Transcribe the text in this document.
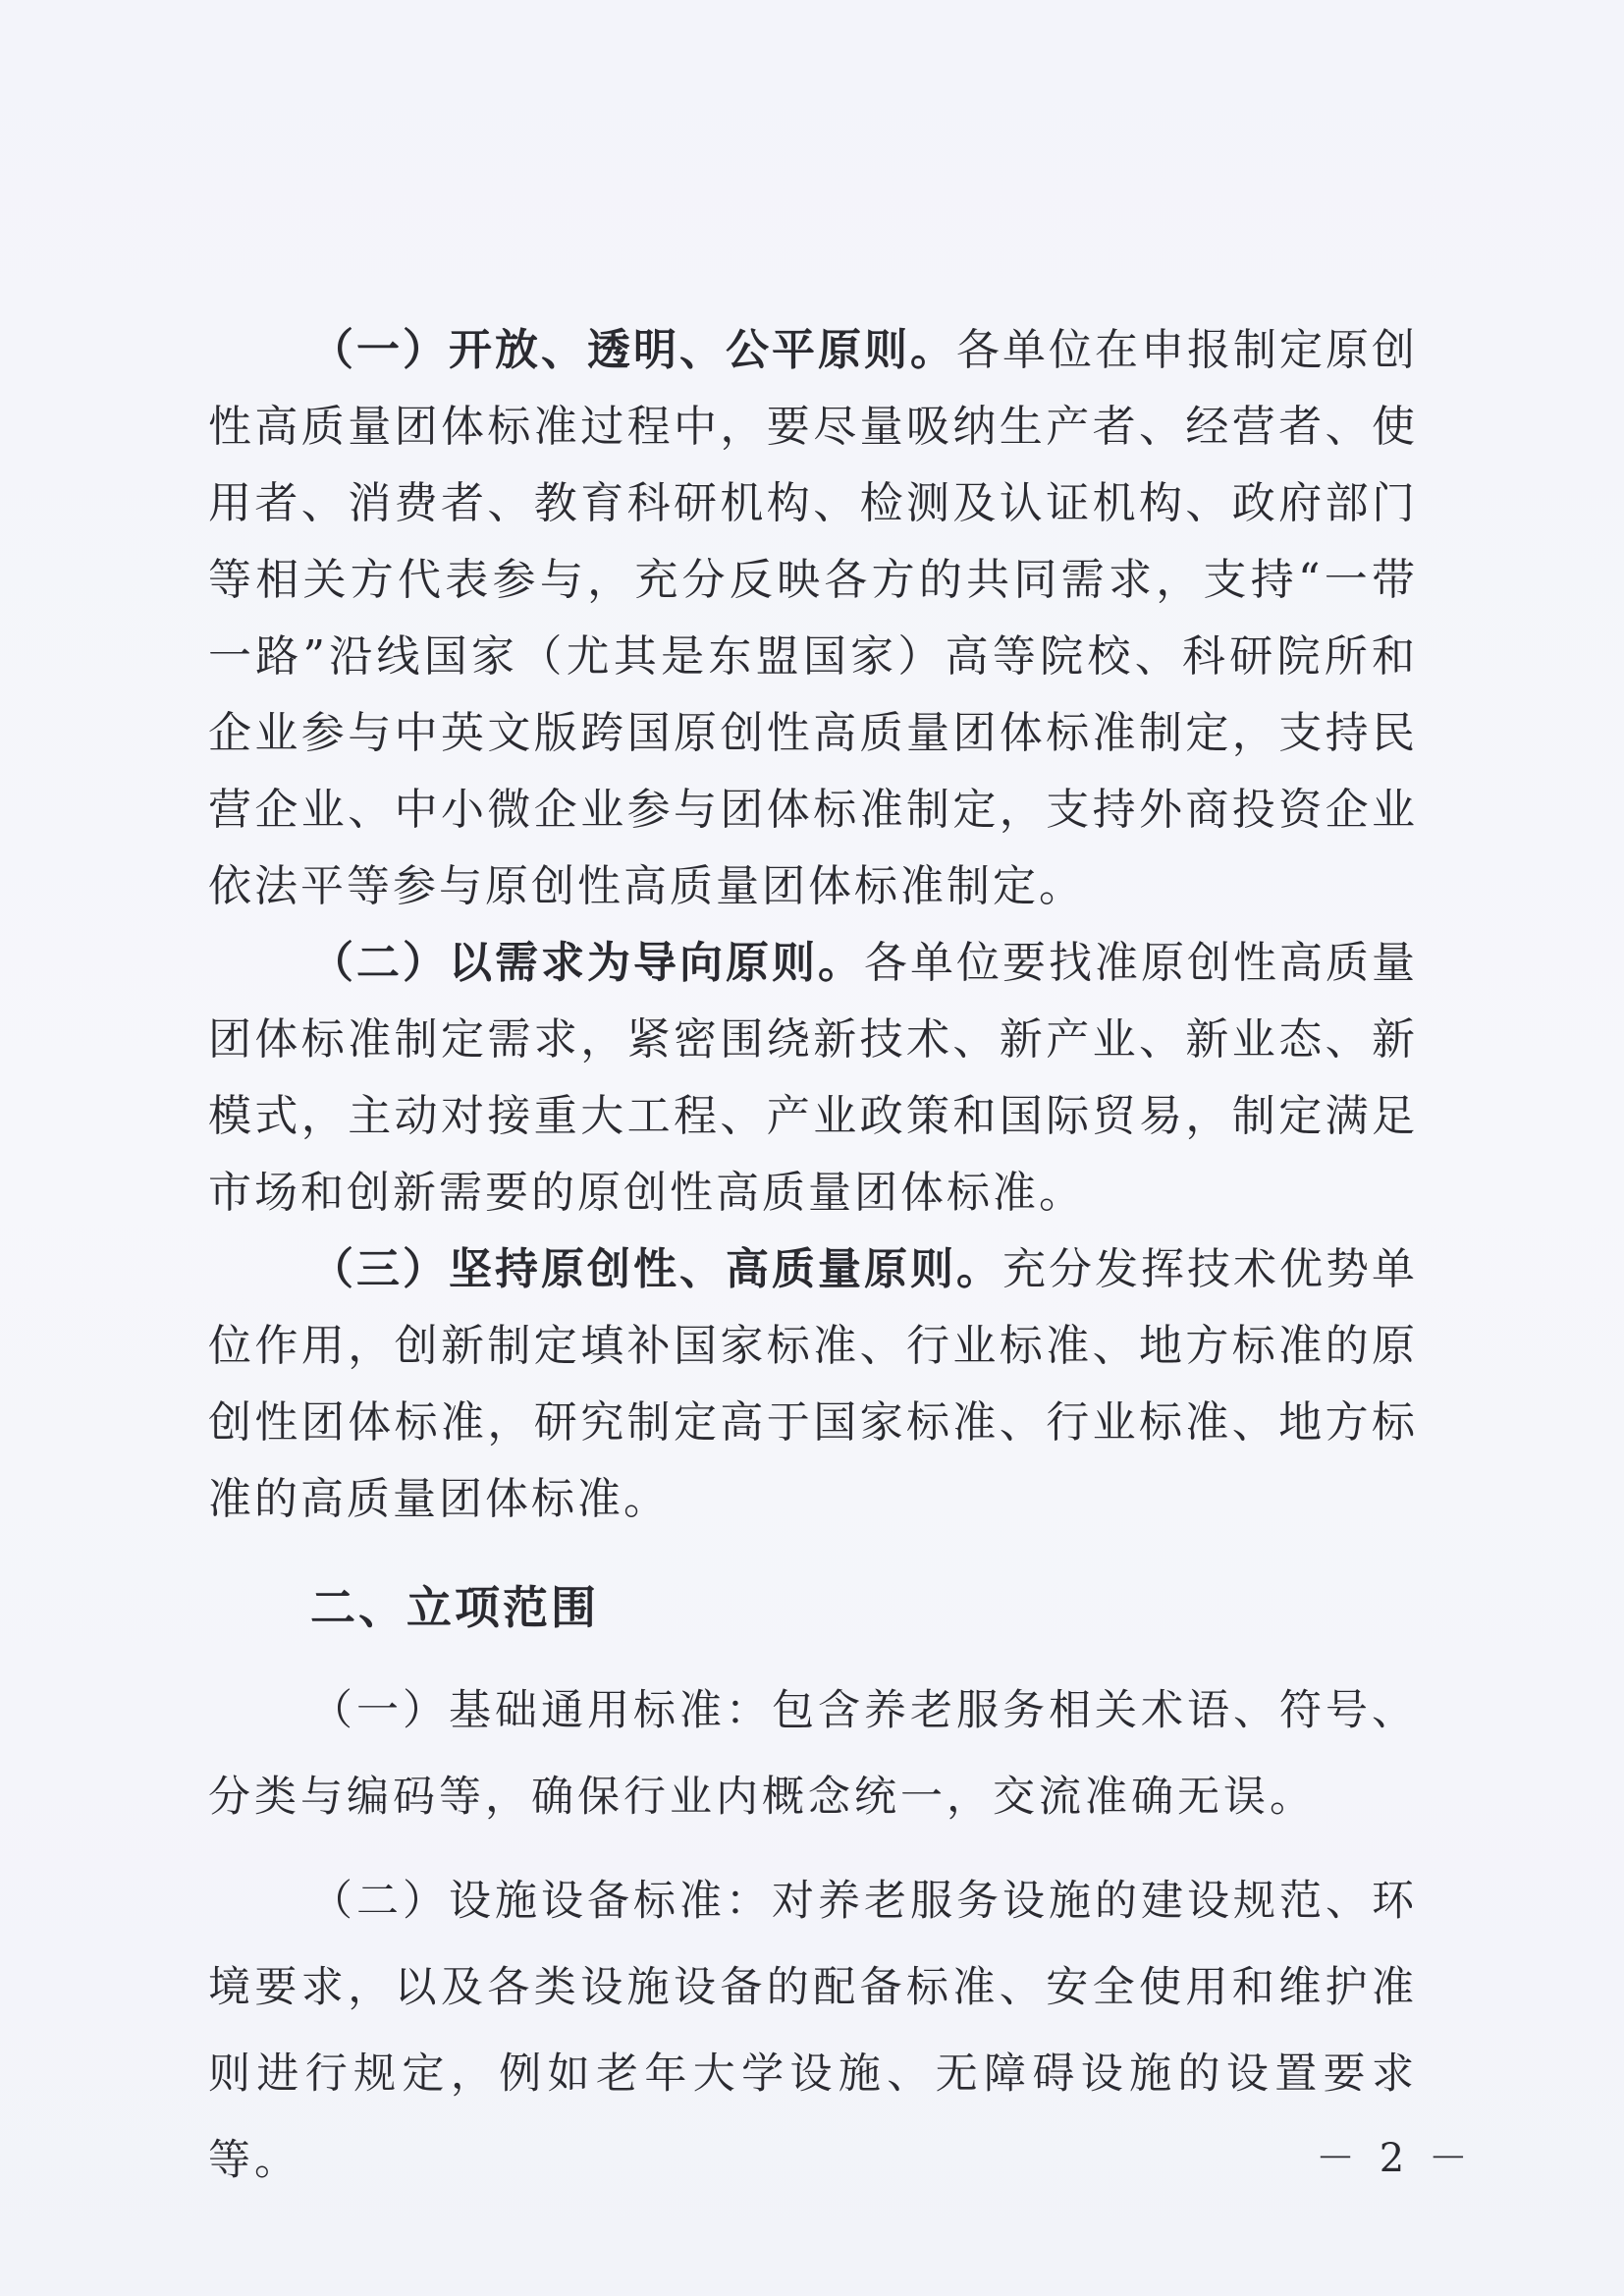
（一）开放、透明、公平原则。各单位在申报制定原创性高质量团体标准过程中，要尽量吸纳生产者、经营者、使用者、消费者、教育科研机构、检测及认证机构、政府部门等相关方代表参与，充分反映各方的共同需求，支持“一带一路”沿线国家（尤其是东盟国家）高等院校、科研院所和企业参与中英文版跨国原创性高质量团体标准制定，支持民营企业、中小微企业参与团体标准制定，支持外商投资企业依法平等参与原创性高质量团体标准制定。

（二）以需求为导向原则。各单位要找准原创性高质量团体标准制定需求，紧密围绕新技术、新产业、新业态、新模式，主动对接重大工程、产业政策和国际贸易，制定满足市场和创新需要的原创性高质量团体标准。

（三）坚持原创性、高质量原则。充分发挥技术优势单位作用，创新制定填补国家标准、行业标准、地方标准的原创性团体标准，研究制定高于国家标准、行业标准、地方标准的高质量团体标准。

二、立项范围

（一）基础通用标准：包含养老服务相关术语、符号、分类与编码等，确保行业内概念统一，交流准确无误。

（二）设施设备标准：对养老服务设施的建设规范、环境要求，以及各类设施设备的配备标准、安全使用和维护准则进行规定，例如老年大学设施、无障碍设施的设置要求等。	－ 2 －
